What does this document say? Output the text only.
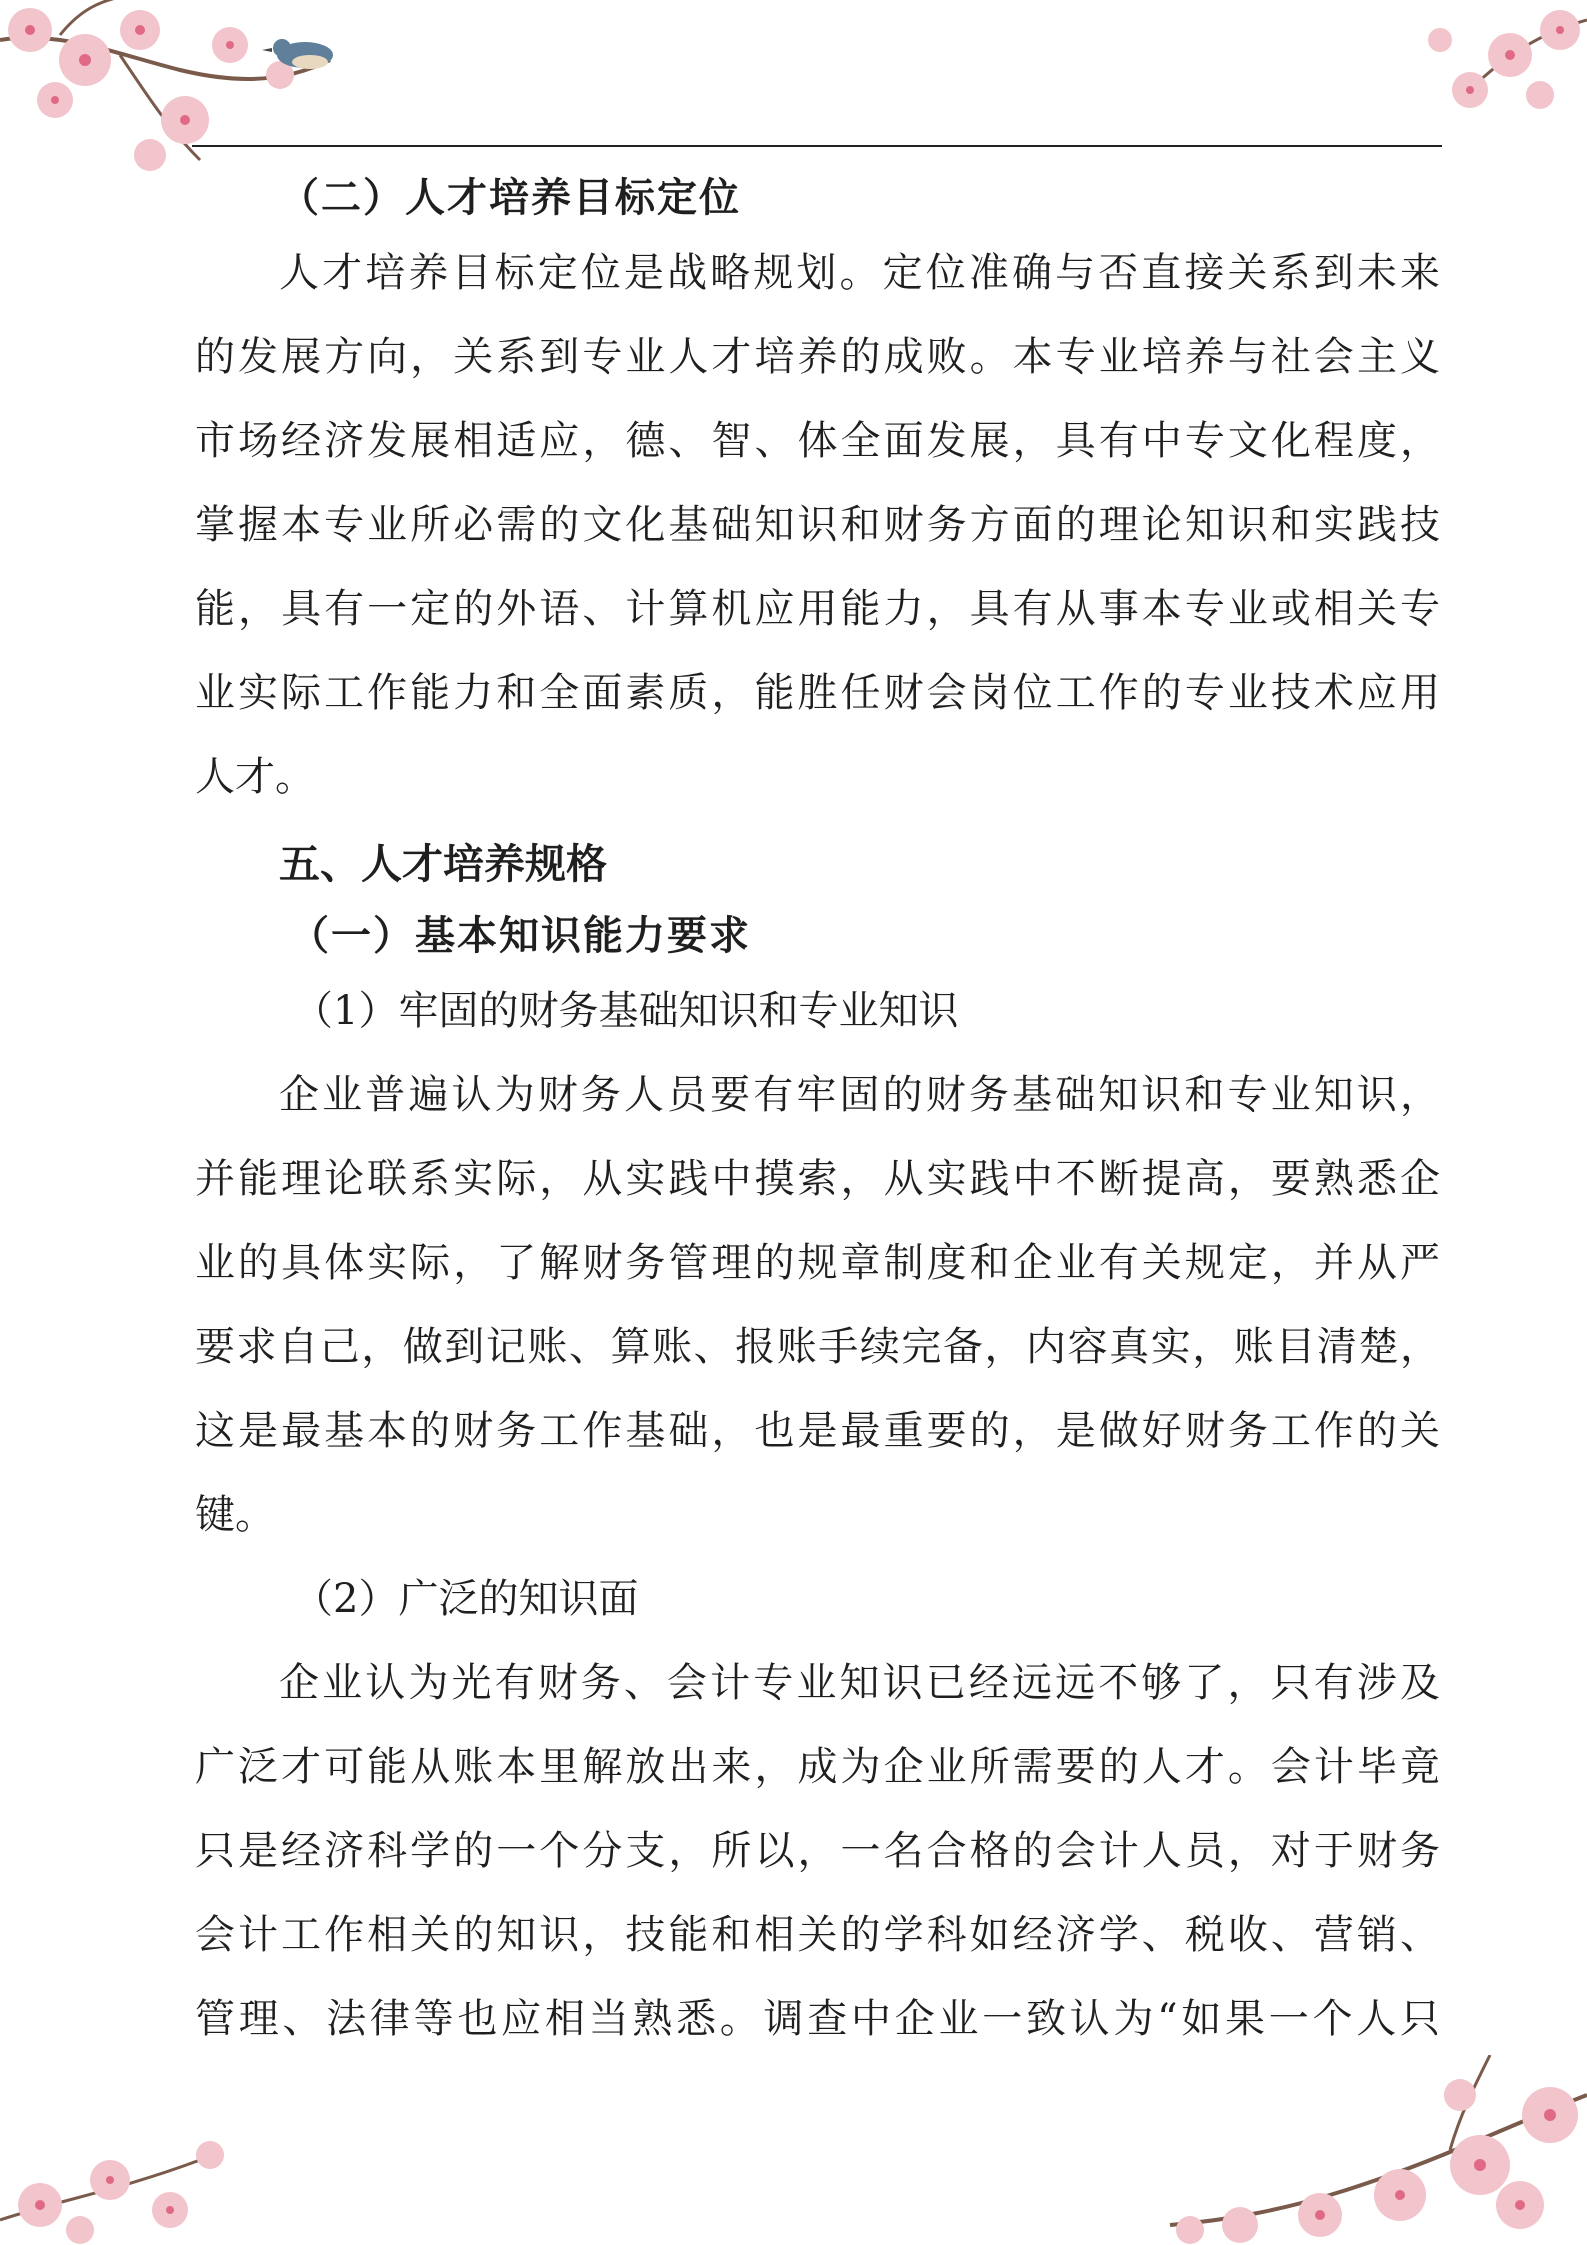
（二）人才培养目标定位
人才培养目标定位是战略规划。定位准确与否直接关系到未来
的发展方向，关系到专业人才培养的成败。本专业培养与社会主义
市场经济发展相适应，德、智、体全面发展，具有中专文化程度，
掌握本专业所必需的文化基础知识和财务方面的理论知识和实践技
能，具有一定的外语、计算机应用能力，具有从事本专业或相关专
业实际工作能力和全面素质，能胜任财会岗位工作的专业技术应用
人才。
五、人才培养规格
（一）基本知识能力要求
（1）牢固的财务基础知识和专业知识
企业普遍认为财务人员要有牢固的财务基础知识和专业知识，
并能理论联系实际，从实践中摸索，从实践中不断提高，要熟悉企
业的具体实际，了解财务管理的规章制度和企业有关规定，并从严
要求自己，做到记账、算账、报账手续完备，内容真实，账目清楚，
这是最基本的财务工作基础，也是最重要的，是做好财务工作的关
键。
（2）广泛的知识面
企业认为光有财务、会计专业知识已经远远不够了，只有涉及
广泛才可能从账本里解放出来，成为企业所需要的人才。会计毕竟
只是经济科学的一个分支，所以，一名合格的会计人员，对于财务
会计工作相关的知识，技能和相关的学科如经济学、税收、营销、
管理、法律等也应相当熟悉。调查中企业一致认为“如果一个人只
